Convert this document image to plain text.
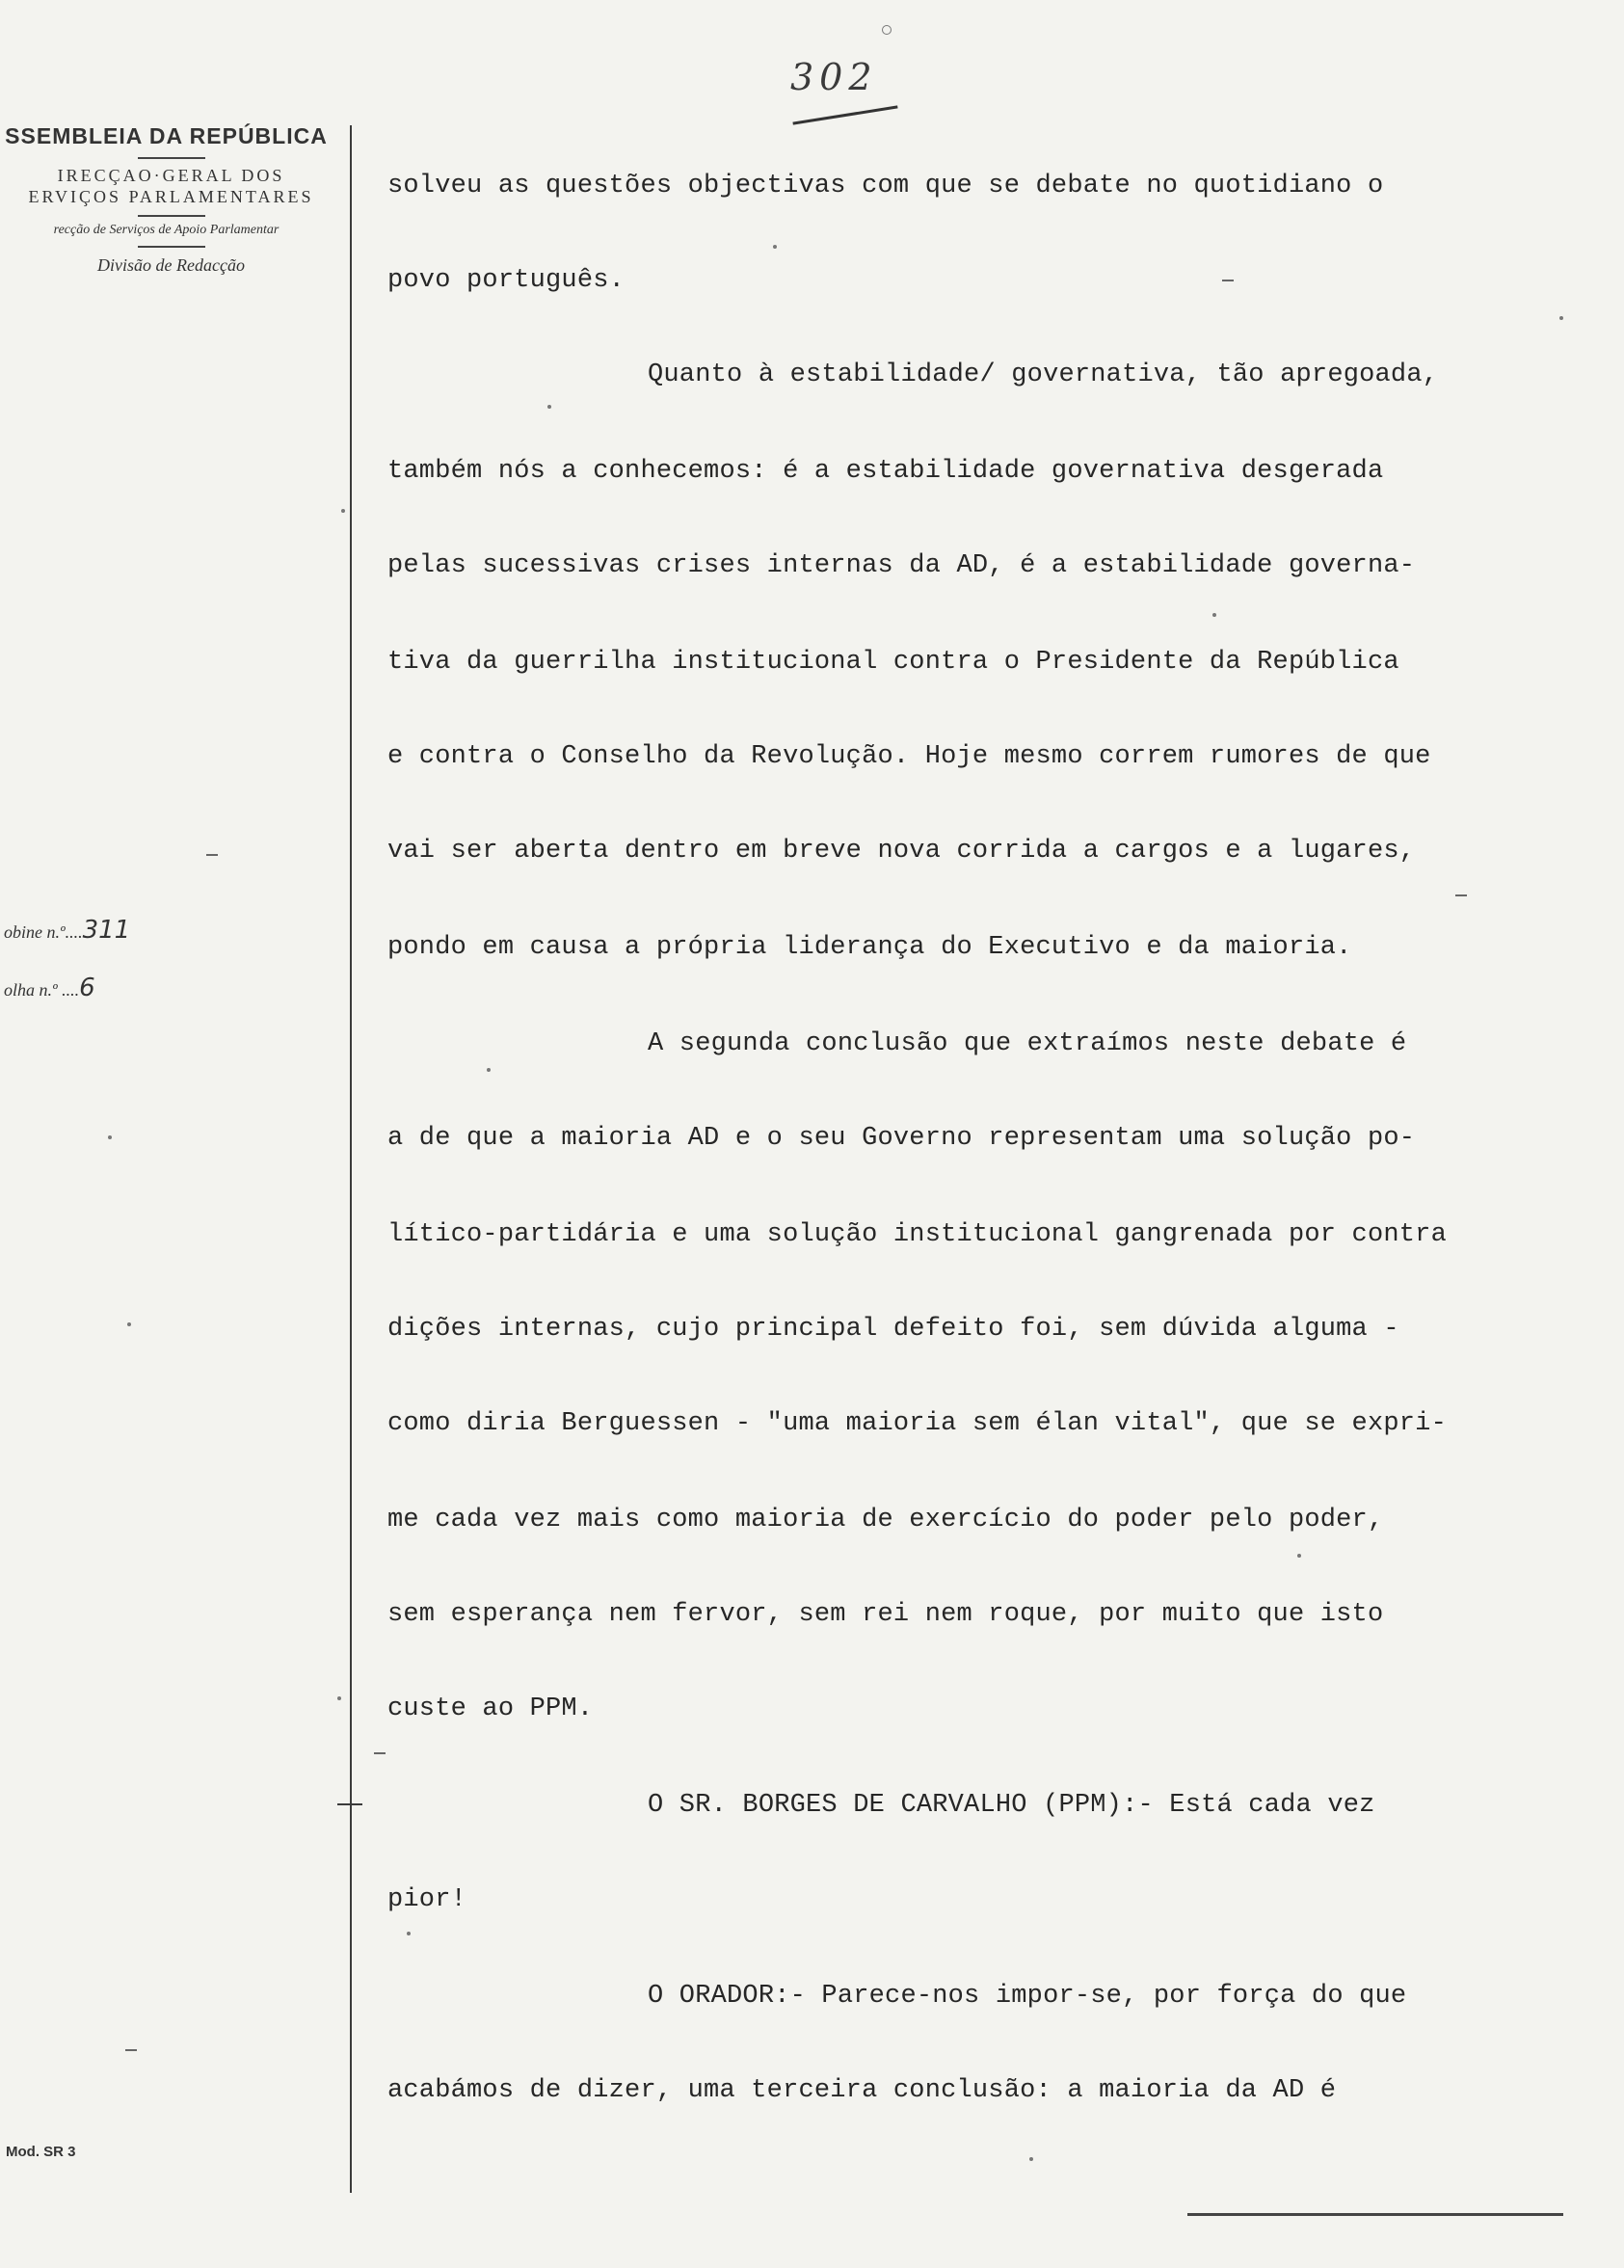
302
SSEMBLEIA DA REPÚBLICA
IRECÇAO·GERAL DOS
ERVIÇOS PARLAMENTARES
recção de Serviços de Apoio Parlamentar
Divisão de Redacção
obine n.º....311
olha n.º ....6
Mod. SR 3
solveu as questões objectivas com que se debate no quotidiano o
povo português.
Quanto à estabilidade/ governativa, tão apregoada,
também nós a conhecemos: é a estabilidade governativa desgerada
pelas sucessivas crises internas da AD, é a estabilidade governa-
tiva da guerrilha institucional contra o Presidente da República
e contra o Conselho da Revolução. Hoje mesmo correm rumores de que
vai ser aberta dentro em breve nova corrida a cargos e a lugares,
pondo em causa a própria liderança do Executivo e da maioria.
A segunda conclusão que extraímos neste debate é
a de que a maioria AD e o seu Governo representam uma solução po-
lítico-partidária e uma solução institucional gangrenada por contra
dições internas, cujo principal defeito foi, sem dúvida alguma -
como diria Berguessen - "uma maioria sem élan vital", que se expri-
me cada vez mais como maioria de exercício do poder pelo poder,
sem esperança nem fervor, sem rei nem roque, por muito que isto
custe ao PPM.
O SR. BORGES DE CARVALHO (PPM):- Está cada vez
pior!
O ORADOR:- Parece-nos impor-se, por força do que
acabámos de dizer, uma terceira conclusão: a maioria da AD é
